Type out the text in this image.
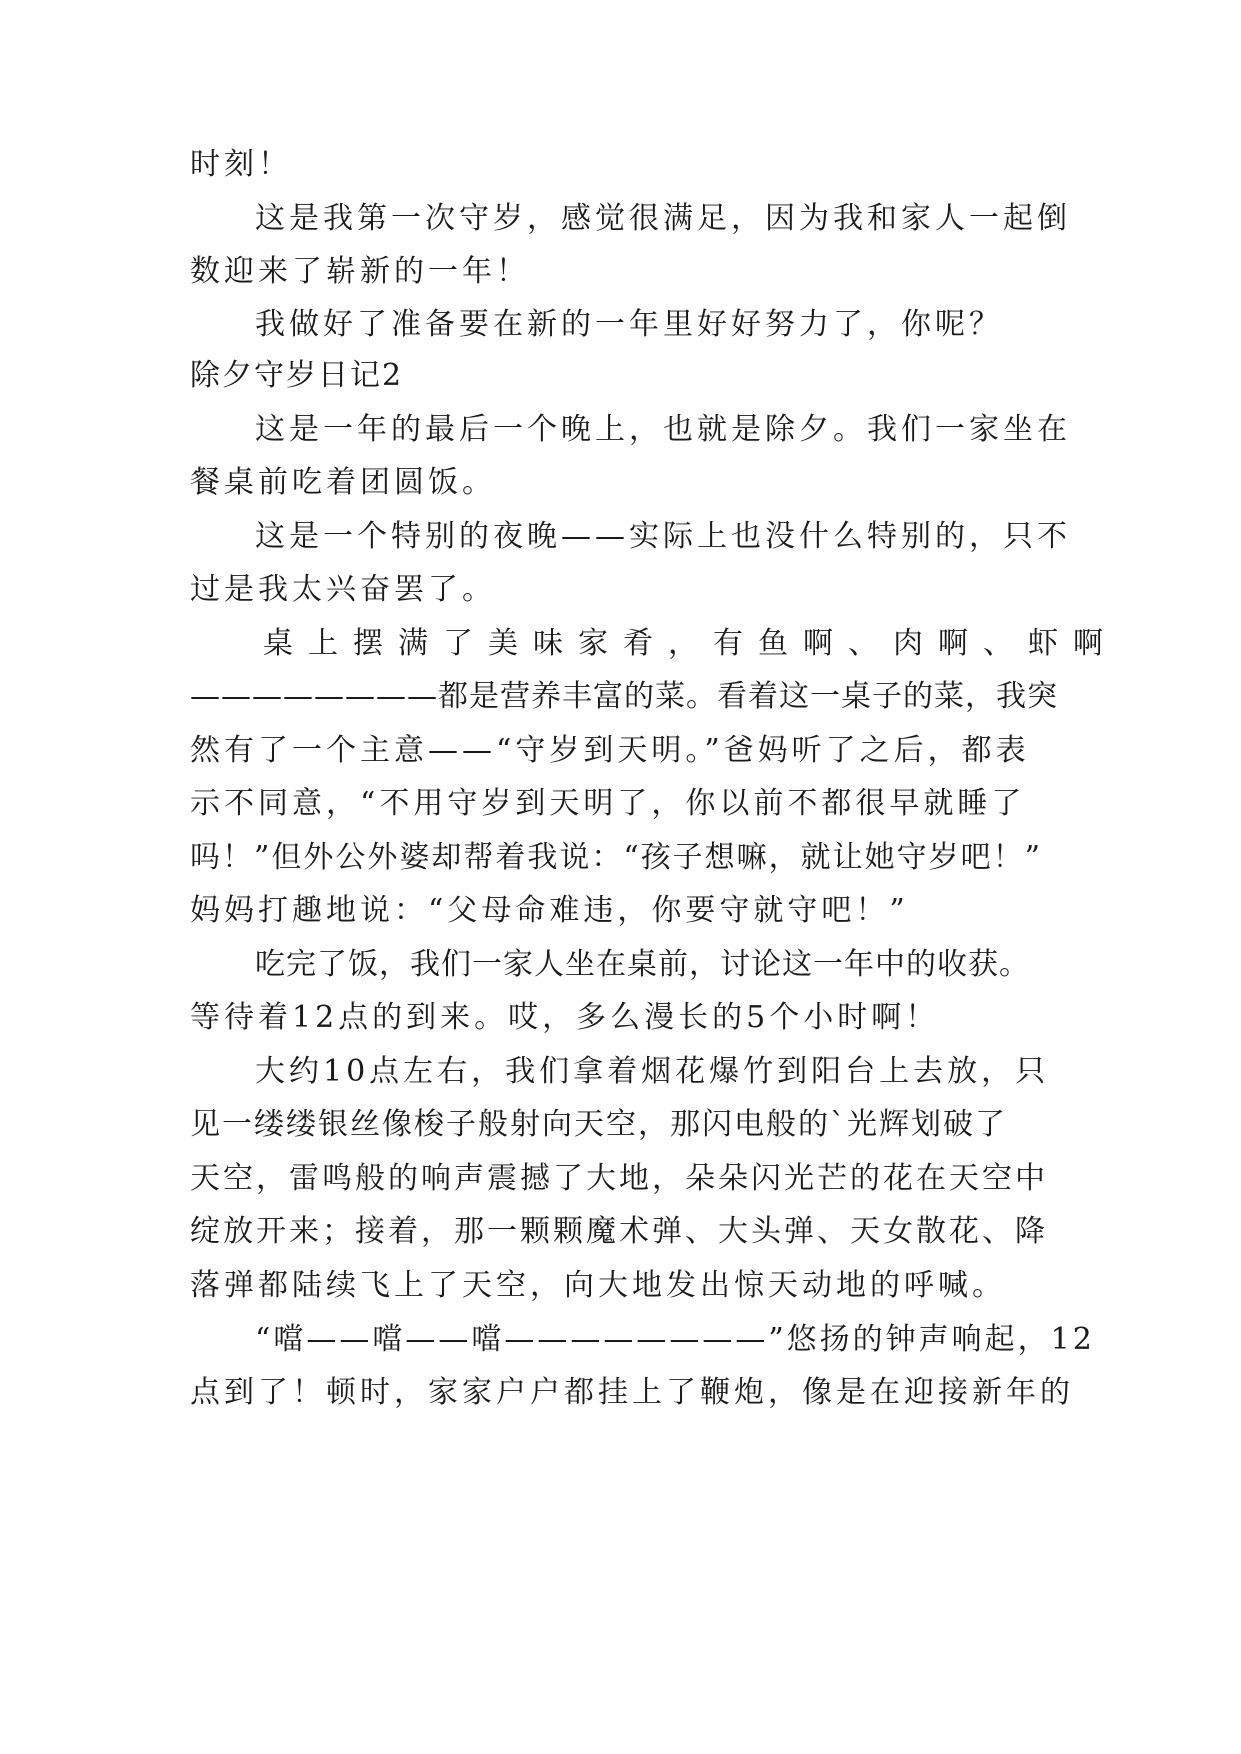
时刻！
这是我第一次守岁，感觉很满足，因为我和家人一起倒
数迎来了崭新的一年！
我做好了准备要在新的一年里好好努力了，你呢？
除夕守岁日记2
这是一年的最后一个晚上，也就是除夕。我们一家坐在
餐桌前吃着团圆饭。
这是一个特别的夜晚——实际上也没什么特别的，只不
过是我太兴奋罢了。
桌上摆满了美味家肴，有鱼啊、肉啊、虾啊
————————都是营养丰富的菜。看着这一桌子的菜，我突
然有了一个主意——“守岁到天明。”爸妈听了之后，都表
示不同意，“不用守岁到天明了，你以前不都很早就睡了
吗！”但外公外婆却帮着我说：“孩子想嘛，就让她守岁吧！”
妈妈打趣地说：“父母命难违，你要守就守吧！”
吃完了饭，我们一家人坐在桌前，讨论这一年中的收获。
等待着12点的到来。哎，多么漫长的5个小时啊！
大约10点左右，我们拿着烟花爆竹到阳台上去放，只
见一缕缕银丝像梭子般射向天空，那闪电般的`光辉划破了
天空，雷鸣般的响声震撼了大地，朵朵闪光芒的花在天空中
绽放开来；接着，那一颗颗魔术弹、大头弹、天女散花、降
落弹都陆续飞上了天空，向大地发出惊天动地的呼喊。
“噹——噹——噹————————”悠扬的钟声响起，12
点到了！顿时，家家户户都挂上了鞭炮，像是在迎接新年的
